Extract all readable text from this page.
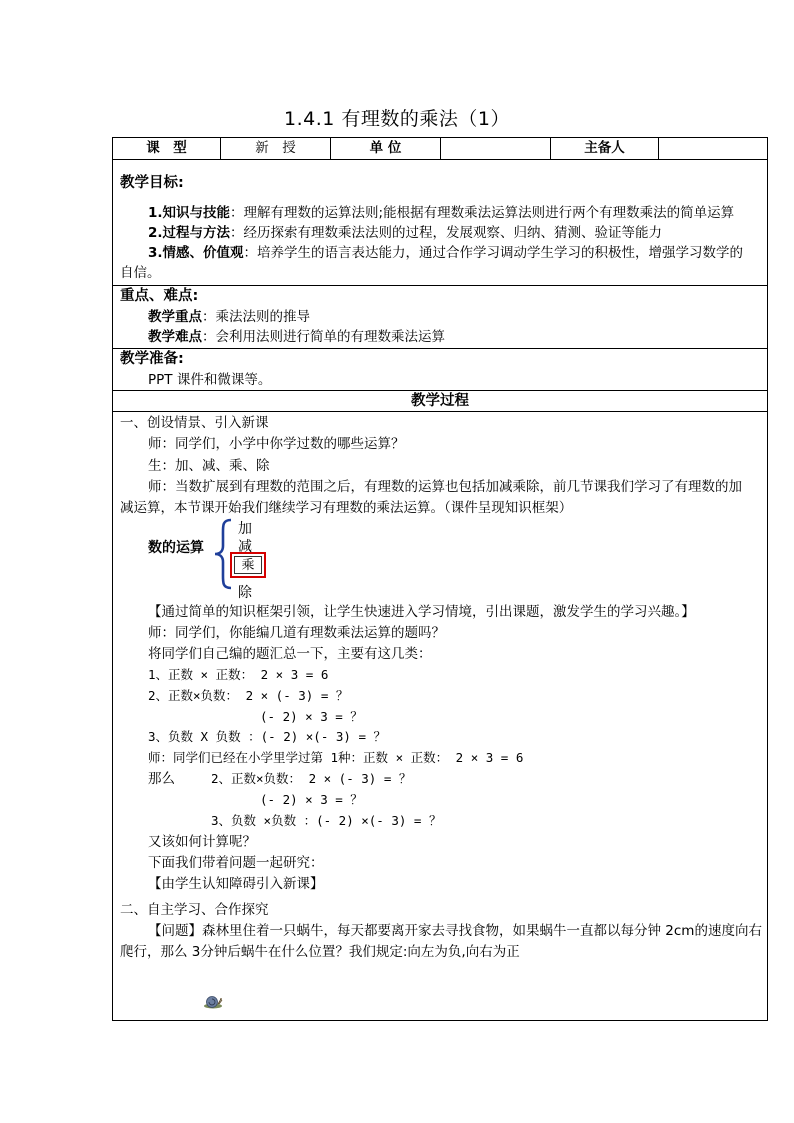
1.4.1 有理数的乘法（1）
课　型	新　授	单 位	主备人
教学目标:
1.知识与技能：理解有理数的运算法则;能根据有理数乘法运算法则进行两个有理数乘法的简单运算
2.过程与方法：经历探索有理数乘法法则的过程，发展观察、归纳、猜测、验证等能力
3.情感、价值观：培养学生的语言表达能力，通过合作学习调动学生学习的积极性，增强学习数学的
自信。
重点、难点:
教学重点：乘法法则的推导
教学难点：会利用法则进行简单的有理数乘法运算
教学准备:
PPT 课件和微课等。
教学过程
一、创设情景、引入新课
师：同学们，小学中你学过数的哪些运算？
生：加、减、乘、除
师：当数扩展到有理数的范围之后，有理数的运算也包括加减乘除，前几节课我们学习了有理数的加
减运算，本节课开始我们继续学习有理数的乘法运算。（课件呈现知识框架）
数的运算
加
减
乘
除
【通过简单的知识框架引领，让学生快速进入学习情境，引出课题，激发学生的学习兴趣。】
师：同学们，你能编几道有理数乘法运算的题吗？
将同学们自己编的题汇总一下，主要有这几类：
1、正数 × 正数： 2 × 3 = 6
2、正数×负数： 2 × (- 3) = ？
(- 2) × 3 = ？
3、负数 X 负数 ：(- 2) ×(- 3) = ？
师：同学们已经在小学里学过第 1种：正数 × 正数： 2 × 3 = 6
那么	2、正数×负数： 2 × (- 3) = ？
(- 2) × 3 = ？
3、负数 ×负数 ：(- 2) ×(- 3) = ？
又该如何计算呢？
下面我们带着问题一起研究：
【由学生认知障碍引入新课】
二、自主学习、合作探究
【问题】森林里住着一只蜗牛，每天都要离开家去寻找食物，如果蜗牛一直都以每分钟 2cm的速度向右
爬行，那么 3分钟后蜗牛在什么位置？我们规定:向左为负,向右为正
